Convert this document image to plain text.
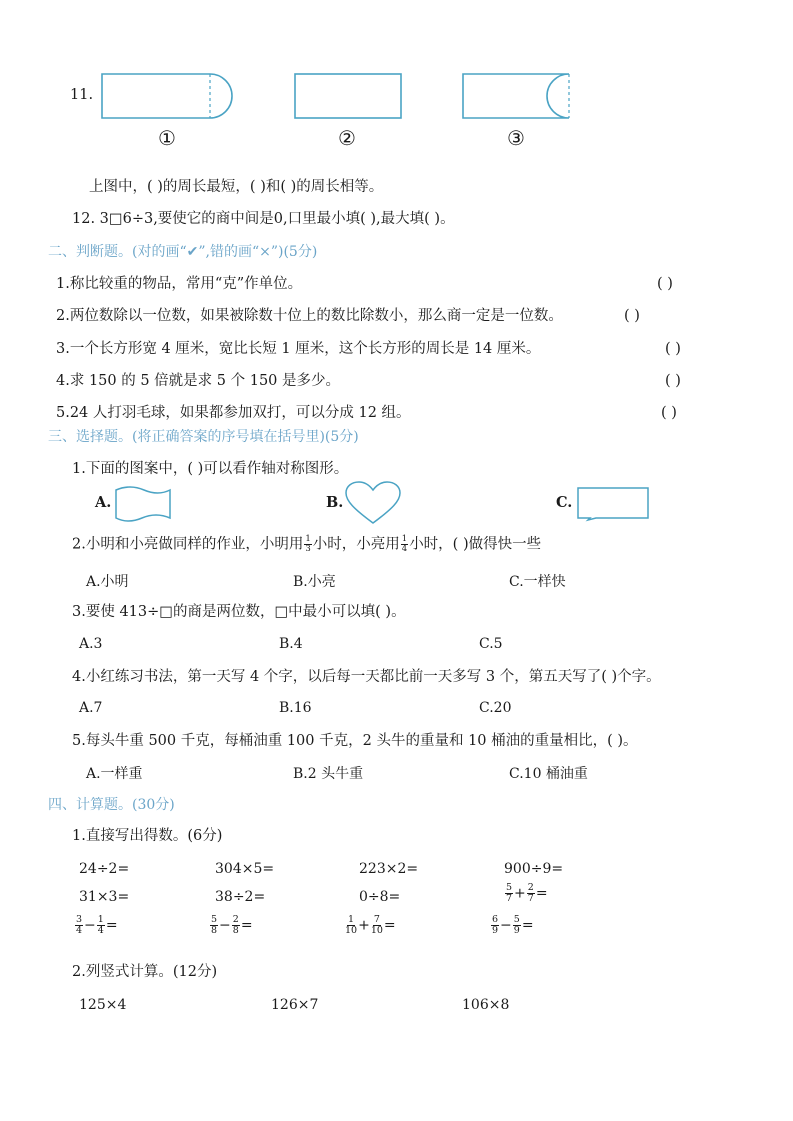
11.
①	②	③
上图中，( )的周长最短，( )和( )的周长相等。
12. 3□6÷3,要使它的商中间是0,口里最小填( ),最大填( )。
二、判断题。(对的画“✔”,错的画“×”)(5分)
1.称比较重的物品，常用“克”作单位。	( )
2.两位数除以一位数，如果被除数十位上的数比除数小，那么商一定是一位数。	( )
3.一个长方形宽 4 厘米，宽比长短 1 厘米，这个长方形的周长是 14 厘米。	( )
4.求 150 的 5 倍就是求 5 个 150 是多少。	( )
5.24 人打羽毛球，如果都参加双打，可以分成 12 组。	( )
三、选择题。(将正确答案的序号填在括号里)(5分)
1.下面的图案中，( )可以看作轴对称图形。
A.	B.	C.
2.小明和小亮做同样的作业，小明用 $\frac{1}{3}$ 小时，小亮用 $\frac{1}{4}$ 小时，( )做得快一些
A.小明	B.小亮	C.一样快
3.要使 413÷□的商是两位数，□中最小可以填( )。
A.3	B.4	C.5
4.小红练习书法，第一天写 4 个字，以后每一天都比前一天多写 3 个，第五天写了( )个字。
A.7	B.16	C.20
5.每头牛重 500 千克，每桶油重 100 千克，2 头牛的重量和 10 桶油的重量相比，( )。
A.一样重	B.2 头牛重	C.10 桶油重
四、计算题。(30分)
1.直接写出得数。(6分)
24÷2=	304×5=	223×2=	900÷9=
31×3=	38÷2=	0÷8=	$\frac{5}{7} + \frac{2}{7}$ =
$\frac{3}{4} - \frac{1}{4}$ =	$\frac{5}{8} - \frac{2}{8}$ =	$\frac{1}{10} + \frac{7}{10}$ =	$\frac{6}{9} - \frac{5}{9}$ =
2.列竖式计算。(12分)
125×4	126×7	106×8
